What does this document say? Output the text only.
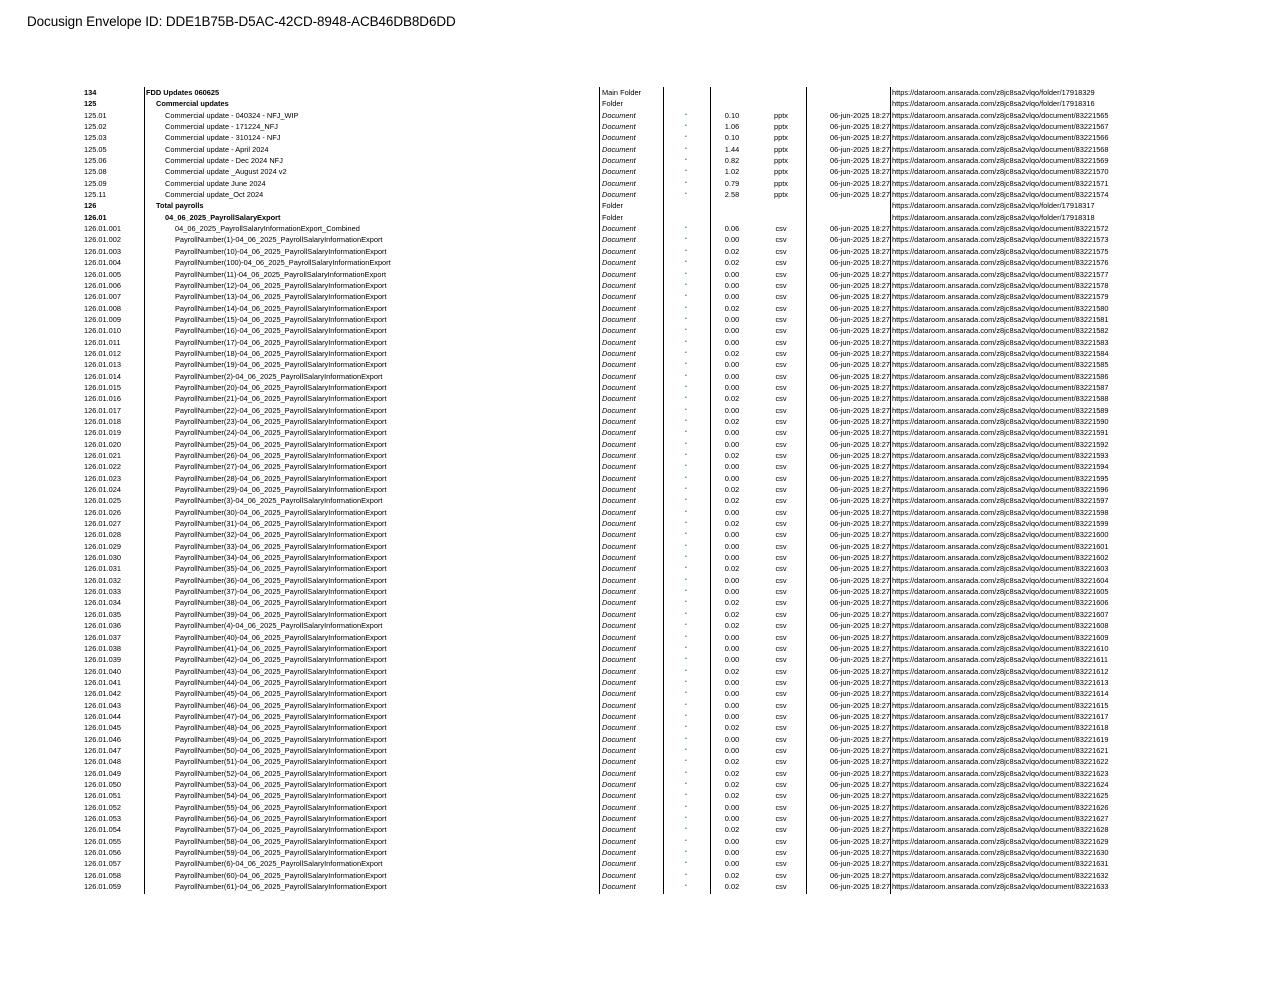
Docusign Envelope ID: DDE1B75B-D5AC-42CD-8948-ACB46DB8D6DD
134	FDD Updates 060625	Main Folder	https://dataroom.ansarada.com/z8jc8sa2vlqo/folder/17918329
125	Commercial updates	Folder	https://dataroom.ansarada.com/z8jc8sa2vlqo/folder/17918316
125.01	Commercial update - 040324 - NFJ_WIP	Document	•	0.10	pptx	06-jun-2025 18:27 https://dataroom.ansarada.com/z8jc8sa2vlqo/document/83221565
125.02	Commercial update - 171224_NFJ	Document	•	1.06	pptx	06-jun-2025 18:27 https://dataroom.ansarada.com/z8jc8sa2vlqo/document/83221567
125.03	Commercial update - 310124 - NFJ	Document	•	0.10	pptx	06-jun-2025 18:27 https://dataroom.ansarada.com/z8jc8sa2vlqo/document/83221566
125.05	Commercial update - April 2024	Document	•	1.44	pptx	06-jun-2025 18:27 https://dataroom.ansarada.com/z8jc8sa2vlqo/document/83221568
125.06	Commercial update - Dec 2024 NFJ	Document	•	0.82	pptx	06-jun-2025 18:27 https://dataroom.ansarada.com/z8jc8sa2vlqo/document/83221569
125.08	Commercial update _August 2024 v2	Document	•	1.02	pptx	06-jun-2025 18:27 https://dataroom.ansarada.com/z8jc8sa2vlqo/document/83221570
125.09	Commercial update June 2024	Document	•	0.79	pptx	06-jun-2025 18:27 https://dataroom.ansarada.com/z8jc8sa2vlqo/document/83221571
125.11	Commercial update_Oct 2024	Document	•	2.58	pptx	06-jun-2025 18:27 https://dataroom.ansarada.com/z8jc8sa2vlqo/document/83221574
126	Total payrolls	Folder	https://dataroom.ansarada.com/z8jc8sa2vlqo/folder/17918317
126.01	04_06_2025_PayrollSalaryExport	Folder	https://dataroom.ansarada.com/z8jc8sa2vlqo/folder/17918318
126.01.001	04_06_2025_PayrollSalaryInformationExport_Combined	Document	•	0.06	csv	06-jun-2025 18:27 https://dataroom.ansarada.com/z8jc8sa2vlqo/document/83221572
126.01.002	PayrollNumber(1)-04_06_2025_PayrollSalaryInformationExport	Document	•	0.00	csv	06-jun-2025 18:27 https://dataroom.ansarada.com/z8jc8sa2vlqo/document/83221573
126.01.003	PayrollNumber(10)-04_06_2025_PayrollSalaryInformationExport	Document	•	0.02	csv	06-jun-2025 18:27 https://dataroom.ansarada.com/z8jc8sa2vlqo/document/83221575
126.01.004	PayrollNumber(100)-04_06_2025_PayrollSalaryInformationExport	Document	•	0.02	csv	06-jun-2025 18:27 https://dataroom.ansarada.com/z8jc8sa2vlqo/document/83221576
126.01.005	PayrollNumber(11)-04_06_2025_PayrollSalaryInformationExport	Document	•	0.00	csv	06-jun-2025 18:27 https://dataroom.ansarada.com/z8jc8sa2vlqo/document/83221577
126.01.006	PayrollNumber(12)-04_06_2025_PayrollSalaryInformationExport	Document	•	0.00	csv	06-jun-2025 18:27 https://dataroom.ansarada.com/z8jc8sa2vlqo/document/83221578
126.01.007	PayrollNumber(13)-04_06_2025_PayrollSalaryInformationExport	Document	•	0.00	csv	06-jun-2025 18:27 https://dataroom.ansarada.com/z8jc8sa2vlqo/document/83221579
126.01.008	PayrollNumber(14)-04_06_2025_PayrollSalaryInformationExport	Document	•	0.02	csv	06-jun-2025 18:27 https://dataroom.ansarada.com/z8jc8sa2vlqo/document/83221580
126.01.009	PayrollNumber(15)-04_06_2025_PayrollSalaryInformationExport	Document	•	0.00	csv	06-jun-2025 18:27 https://dataroom.ansarada.com/z8jc8sa2vlqo/document/83221581
126.01.010	PayrollNumber(16)-04_06_2025_PayrollSalaryInformationExport	Document	•	0.00	csv	06-jun-2025 18:27 https://dataroom.ansarada.com/z8jc8sa2vlqo/document/83221582
126.01.011	PayrollNumber(17)-04_06_2025_PayrollSalaryInformationExport	Document	•	0.00	csv	06-jun-2025 18:27 https://dataroom.ansarada.com/z8jc8sa2vlqo/document/83221583
126.01.012	PayrollNumber(18)-04_06_2025_PayrollSalaryInformationExport	Document	•	0.02	csv	06-jun-2025 18:27 https://dataroom.ansarada.com/z8jc8sa2vlqo/document/83221584
126.01.013	PayrollNumber(19)-04_06_2025_PayrollSalaryInformationExport	Document	•	0.00	csv	06-jun-2025 18:27 https://dataroom.ansarada.com/z8jc8sa2vlqo/document/83221585
126.01.014	PayrollNumber(2)-04_06_2025_PayrollSalaryInformationExport	Document	•	0.00	csv	06-jun-2025 18:27 https://dataroom.ansarada.com/z8jc8sa2vlqo/document/83221586
126.01.015	PayrollNumber(20)-04_06_2025_PayrollSalaryInformationExport	Document	•	0.00	csv	06-jun-2025 18:27 https://dataroom.ansarada.com/z8jc8sa2vlqo/document/83221587
126.01.016	PayrollNumber(21)-04_06_2025_PayrollSalaryInformationExport	Document	•	0.02	csv	06-jun-2025 18:27 https://dataroom.ansarada.com/z8jc8sa2vlqo/document/83221588
126.01.017	PayrollNumber(22)-04_06_2025_PayrollSalaryInformationExport	Document	•	0.00	csv	06-jun-2025 18:27 https://dataroom.ansarada.com/z8jc8sa2vlqo/document/83221589
126.01.018	PayrollNumber(23)-04_06_2025_PayrollSalaryInformationExport	Document	•	0.02	csv	06-jun-2025 18:27 https://dataroom.ansarada.com/z8jc8sa2vlqo/document/83221590
126.01.019	PayrollNumber(24)-04_06_2025_PayrollSalaryInformationExport	Document	•	0.00	csv	06-jun-2025 18:27 https://dataroom.ansarada.com/z8jc8sa2vlqo/document/83221591
126.01.020	PayrollNumber(25)-04_06_2025_PayrollSalaryInformationExport	Document	•	0.00	csv	06-jun-2025 18:27 https://dataroom.ansarada.com/z8jc8sa2vlqo/document/83221592
126.01.021	PayrollNumber(26)-04_06_2025_PayrollSalaryInformationExport	Document	•	0.02	csv	06-jun-2025 18:27 https://dataroom.ansarada.com/z8jc8sa2vlqo/document/83221593
126.01.022	PayrollNumber(27)-04_06_2025_PayrollSalaryInformationExport	Document	•	0.00	csv	06-jun-2025 18:27 https://dataroom.ansarada.com/z8jc8sa2vlqo/document/83221594
126.01.023	PayrollNumber(28)-04_06_2025_PayrollSalaryInformationExport	Document	•	0.00	csv	06-jun-2025 18:27 https://dataroom.ansarada.com/z8jc8sa2vlqo/document/83221595
126.01.024	PayrollNumber(29)-04_06_2025_PayrollSalaryInformationExport	Document	•	0.02	csv	06-jun-2025 18:27 https://dataroom.ansarada.com/z8jc8sa2vlqo/document/83221596
126.01.025	PayrollNumber(3)-04_06_2025_PayrollSalaryInformationExport	Document	•	0.02	csv	06-jun-2025 18:27 https://dataroom.ansarada.com/z8jc8sa2vlqo/document/83221597
126.01.026	PayrollNumber(30)-04_06_2025_PayrollSalaryInformationExport	Document	•	0.00	csv	06-jun-2025 18:27 https://dataroom.ansarada.com/z8jc8sa2vlqo/document/83221598
126.01.027	PayrollNumber(31)-04_06_2025_PayrollSalaryInformationExport	Document	•	0.02	csv	06-jun-2025 18:27 https://dataroom.ansarada.com/z8jc8sa2vlqo/document/83221599
126.01.028	PayrollNumber(32)-04_06_2025_PayrollSalaryInformationExport	Document	•	0.00	csv	06-jun-2025 18:27 https://dataroom.ansarada.com/z8jc8sa2vlqo/document/83221600
126.01.029	PayrollNumber(33)-04_06_2025_PayrollSalaryInformationExport	Document	•	0.00	csv	06-jun-2025 18:27 https://dataroom.ansarada.com/z8jc8sa2vlqo/document/83221601
126.01.030	PayrollNumber(34)-04_06_2025_PayrollSalaryInformationExport	Document	•	0.00	csv	06-jun-2025 18:27 https://dataroom.ansarada.com/z8jc8sa2vlqo/document/83221602
126.01.031	PayrollNumber(35)-04_06_2025_PayrollSalaryInformationExport	Document	•	0.02	csv	06-jun-2025 18:27 https://dataroom.ansarada.com/z8jc8sa2vlqo/document/83221603
126.01.032	PayrollNumber(36)-04_06_2025_PayrollSalaryInformationExport	Document	•	0.00	csv	06-jun-2025 18:27 https://dataroom.ansarada.com/z8jc8sa2vlqo/document/83221604
126.01.033	PayrollNumber(37)-04_06_2025_PayrollSalaryInformationExport	Document	•	0.00	csv	06-jun-2025 18:27 https://dataroom.ansarada.com/z8jc8sa2vlqo/document/83221605
126.01.034	PayrollNumber(38)-04_06_2025_PayrollSalaryInformationExport	Document	•	0.02	csv	06-jun-2025 18:27 https://dataroom.ansarada.com/z8jc8sa2vlqo/document/83221606
126.01.035	PayrollNumber(39)-04_06_2025_PayrollSalaryInformationExport	Document	•	0.02	csv	06-jun-2025 18:27 https://dataroom.ansarada.com/z8jc8sa2vlqo/document/83221607
126.01.036	PayrollNumber(4)-04_06_2025_PayrollSalaryInformationExport	Document	•	0.02	csv	06-jun-2025 18:27 https://dataroom.ansarada.com/z8jc8sa2vlqo/document/83221608
126.01.037	PayrollNumber(40)-04_06_2025_PayrollSalaryInformationExport	Document	•	0.00	csv	06-jun-2025 18:27 https://dataroom.ansarada.com/z8jc8sa2vlqo/document/83221609
126.01.038	PayrollNumber(41)-04_06_2025_PayrollSalaryInformationExport	Document	•	0.00	csv	06-jun-2025 18:27 https://dataroom.ansarada.com/z8jc8sa2vlqo/document/83221610
126.01.039	PayrollNumber(42)-04_06_2025_PayrollSalaryInformationExport	Document	•	0.00	csv	06-jun-2025 18:27 https://dataroom.ansarada.com/z8jc8sa2vlqo/document/83221611
126.01.040	PayrollNumber(43)-04_06_2025_PayrollSalaryInformationExport	Document	•	0.02	csv	06-jun-2025 18:27 https://dataroom.ansarada.com/z8jc8sa2vlqo/document/83221612
126.01.041	PayrollNumber(44)-04_06_2025_PayrollSalaryInformationExport	Document	•	0.00	csv	06-jun-2025 18:27 https://dataroom.ansarada.com/z8jc8sa2vlqo/document/83221613
126.01.042	PayrollNumber(45)-04_06_2025_PayrollSalaryInformationExport	Document	•	0.00	csv	06-jun-2025 18:27 https://dataroom.ansarada.com/z8jc8sa2vlqo/document/83221614
126.01.043	PayrollNumber(46)-04_06_2025_PayrollSalaryInformationExport	Document	•	0.00	csv	06-jun-2025 18:27 https://dataroom.ansarada.com/z8jc8sa2vlqo/document/83221615
126.01.044	PayrollNumber(47)-04_06_2025_PayrollSalaryInformationExport	Document	•	0.00	csv	06-jun-2025 18:27 https://dataroom.ansarada.com/z8jc8sa2vlqo/document/83221617
126.01.045	PayrollNumber(48)-04_06_2025_PayrollSalaryInformationExport	Document	•	0.02	csv	06-jun-2025 18:27 https://dataroom.ansarada.com/z8jc8sa2vlqo/document/83221618
126.01.046	PayrollNumber(49)-04_06_2025_PayrollSalaryInformationExport	Document	•	0.00	csv	06-jun-2025 18:27 https://dataroom.ansarada.com/z8jc8sa2vlqo/document/83221619
126.01.047	PayrollNumber(50)-04_06_2025_PayrollSalaryInformationExport	Document	•	0.00	csv	06-jun-2025 18:27 https://dataroom.ansarada.com/z8jc8sa2vlqo/document/83221621
126.01.048	PayrollNumber(51)-04_06_2025_PayrollSalaryInformationExport	Document	•	0.02	csv	06-jun-2025 18:27 https://dataroom.ansarada.com/z8jc8sa2vlqo/document/83221622
126.01.049	PayrollNumber(52)-04_06_2025_PayrollSalaryInformationExport	Document	•	0.02	csv	06-jun-2025 18:27 https://dataroom.ansarada.com/z8jc8sa2vlqo/document/83221623
126.01.050	PayrollNumber(53)-04_06_2025_PayrollSalaryInformationExport	Document	•	0.02	csv	06-jun-2025 18:27 https://dataroom.ansarada.com/z8jc8sa2vlqo/document/83221624
126.01.051	PayrollNumber(54)-04_06_2025_PayrollSalaryInformationExport	Document	•	0.02	csv	06-jun-2025 18:27 https://dataroom.ansarada.com/z8jc8sa2vlqo/document/83221625
126.01.052	PayrollNumber(55)-04_06_2025_PayrollSalaryInformationExport	Document	•	0.00	csv	06-jun-2025 18:27 https://dataroom.ansarada.com/z8jc8sa2vlqo/document/83221626
126.01.053	PayrollNumber(56)-04_06_2025_PayrollSalaryInformationExport	Document	•	0.00	csv	06-jun-2025 18:27 https://dataroom.ansarada.com/z8jc8sa2vlqo/document/83221627
126.01.054	PayrollNumber(57)-04_06_2025_PayrollSalaryInformationExport	Document	•	0.02	csv	06-jun-2025 18:27 https://dataroom.ansarada.com/z8jc8sa2vlqo/document/83221628
126.01.055	PayrollNumber(58)-04_06_2025_PayrollSalaryInformationExport	Document	•	0.00	csv	06-jun-2025 18:27 https://dataroom.ansarada.com/z8jc8sa2vlqo/document/83221629
126.01.056	PayrollNumber(59)-04_06_2025_PayrollSalaryInformationExport	Document	•	0.00	csv	06-jun-2025 18:27 https://dataroom.ansarada.com/z8jc8sa2vlqo/document/83221630
126.01.057	PayrollNumber(6)-04_06_2025_PayrollSalaryInformationExport	Document	•	0.00	csv	06-jun-2025 18:27 https://dataroom.ansarada.com/z8jc8sa2vlqo/document/83221631
126.01.058	PayrollNumber(60)-04_06_2025_PayrollSalaryInformationExport	Document	•	0.02	csv	06-jun-2025 18:27 https://dataroom.ansarada.com/z8jc8sa2vlqo/document/83221632
126.01.059	PayrollNumber(61)-04_06_2025_PayrollSalaryInformationExport	Document	•	0.02	csv	06-jun-2025 18:27 https://dataroom.ansarada.com/z8jc8sa2vlqo/document/83221633
